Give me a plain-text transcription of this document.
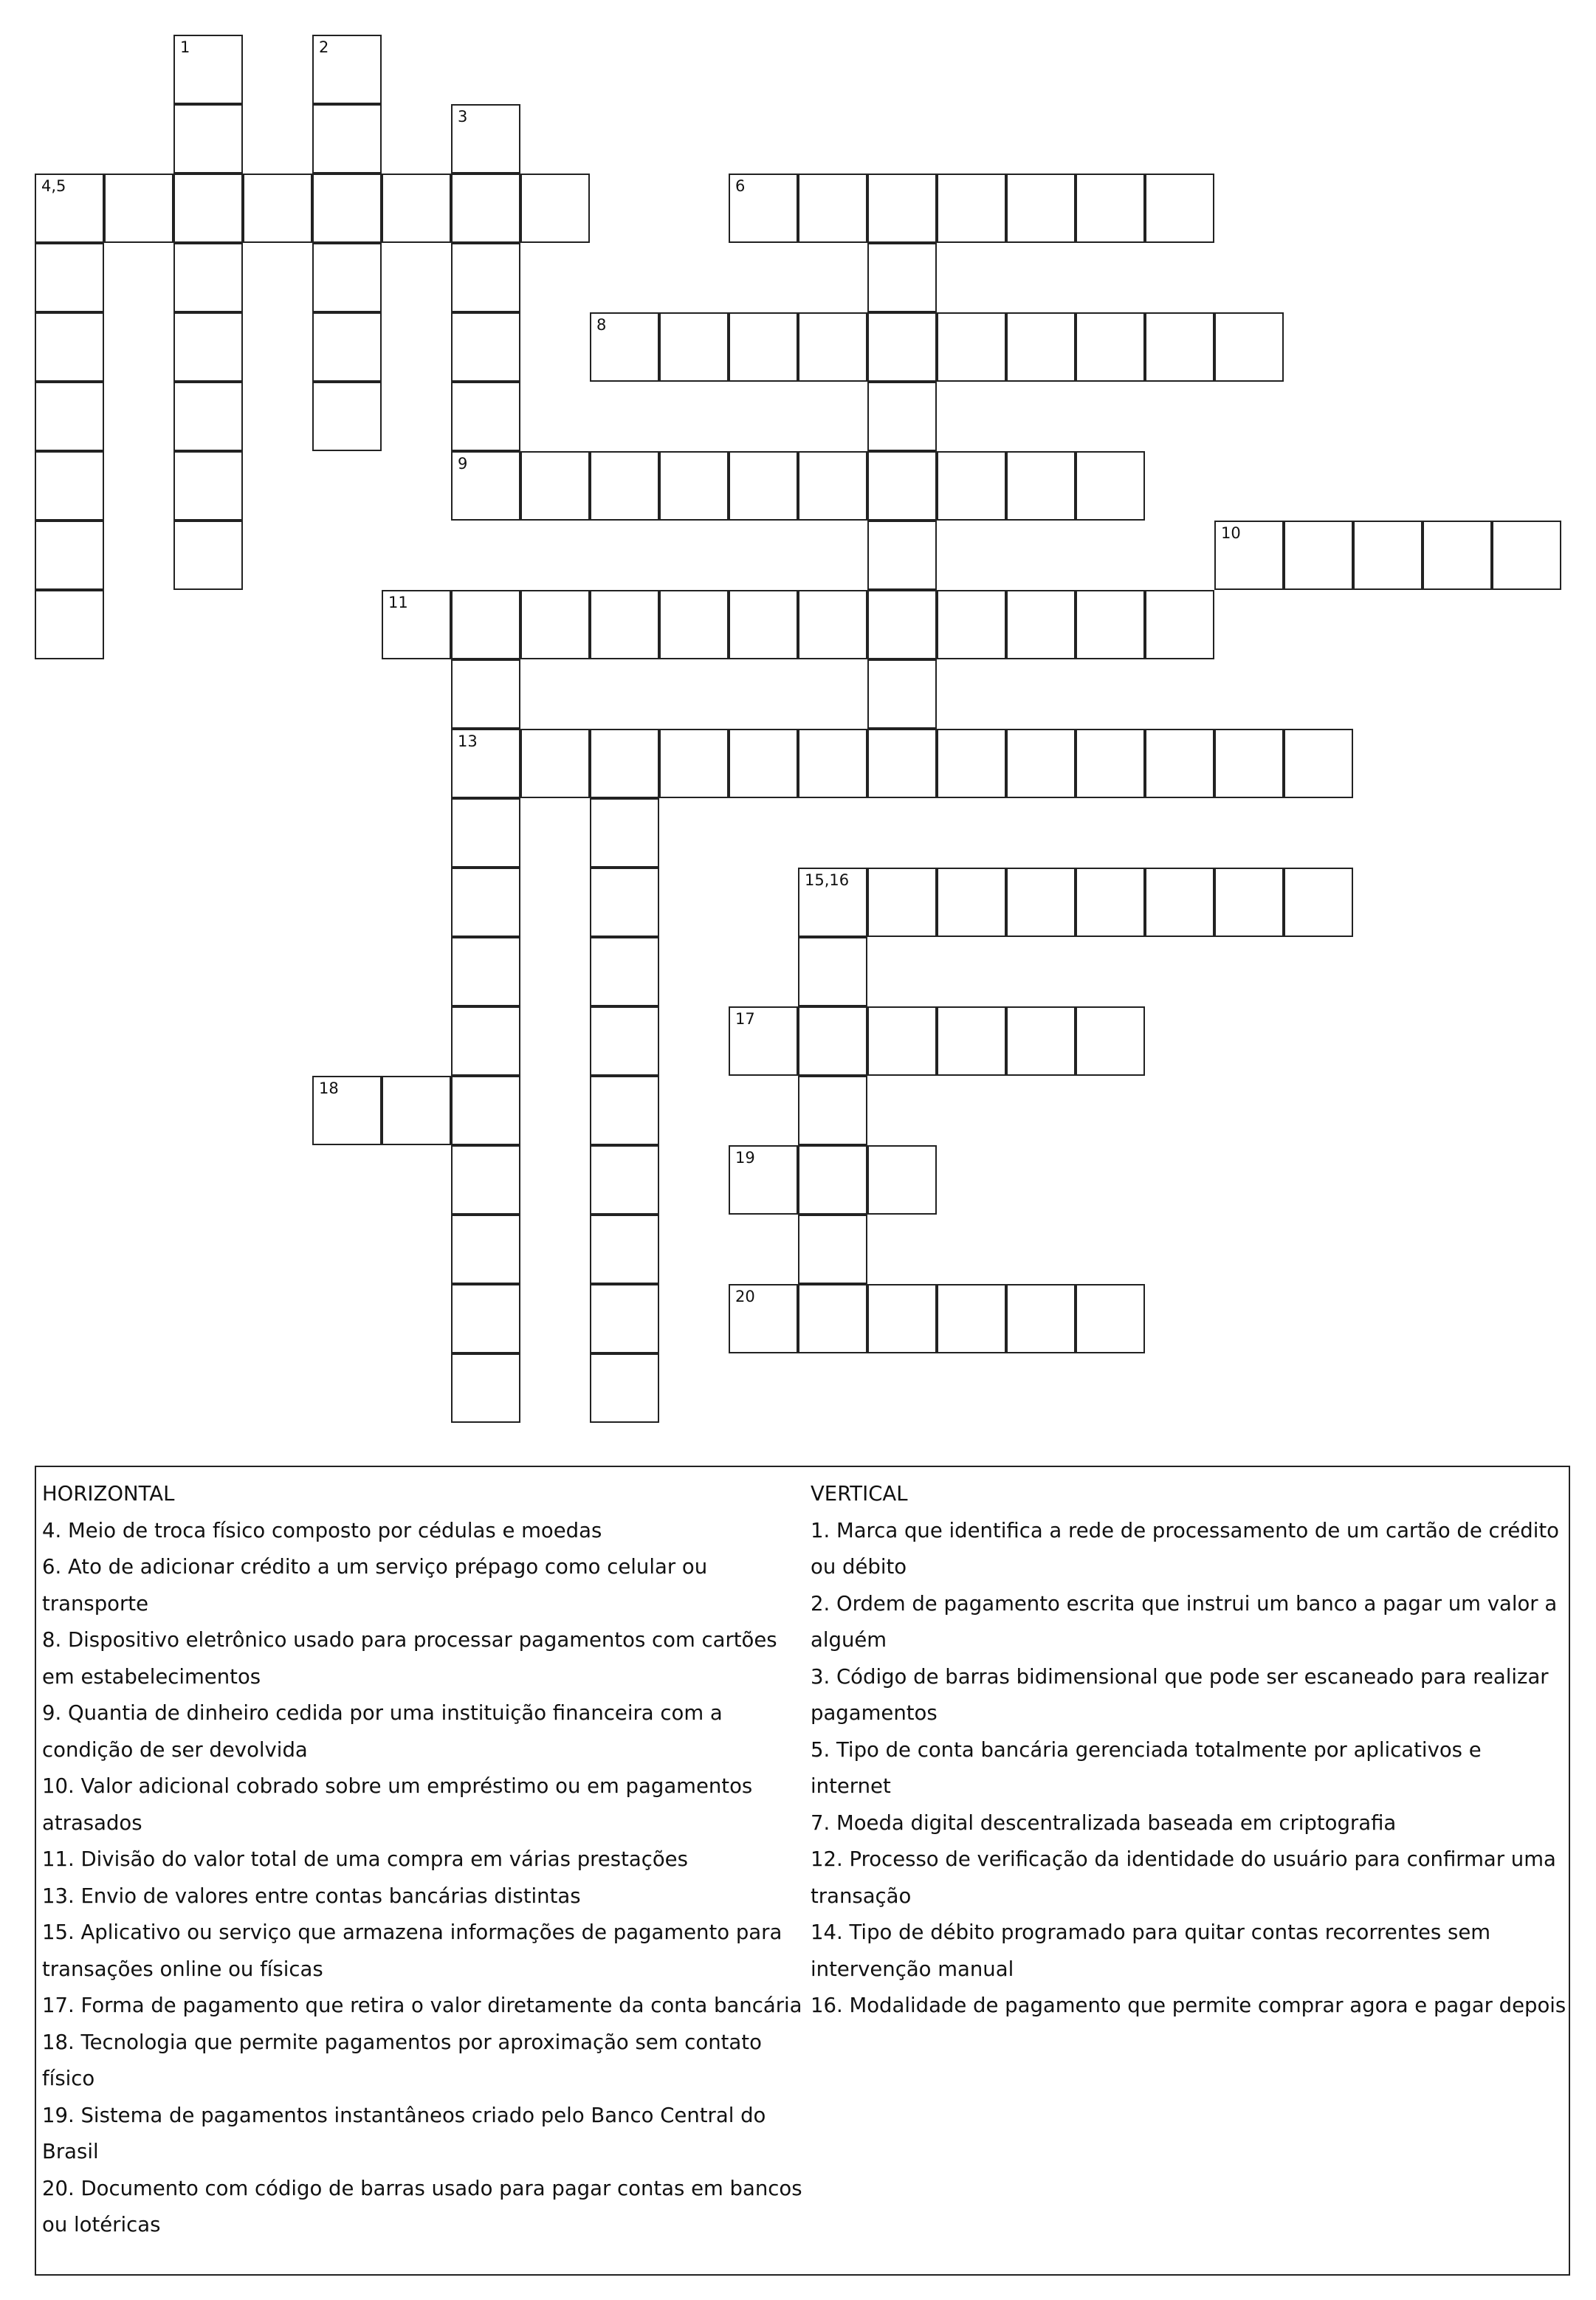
4,5	6
8
9
10
11
13
15,16
17
18
19
20
1	2
3

HORIZONTAL

4. Meio de troca físico composto por cédulas e moedas

6. Ato de adicionar crédito a um serviço prépago como celular ou transporte

8. Dispositivo eletrônico usado para processar pagamentos com cartões em estabelecimentos

9. Quantia de dinheiro cedida por uma instituição financeira com a condição de ser devolvida

10. Valor adicional cobrado sobre um empréstimo ou em pagamentos atrasados

11. Divisão do valor total de uma compra em várias prestações

13. Envio de valores entre contas bancárias distintas

15. Aplicativo ou serviço que armazena informações de pagamento para transações online ou físicas

17. Forma de pagamento que retira o valor diretamente da conta bancária

18. Tecnologia que permite pagamentos por aproximação sem contato físico

19. Sistema de pagamentos instantâneos criado pelo Banco Central do Brasil

20. Documento com código de barras usado para pagar contas em bancos ou lotéricas

VERTICAL

1. Marca que identifica a rede de processamento de um cartão de crédito ou débito

2. Ordem de pagamento escrita que instrui um banco a pagar um valor a alguém

3. Código de barras bidimensional que pode ser escaneado para realizar pagamentos

5. Tipo de conta bancária gerenciada totalmente por aplicativos e internet

7. Moeda digital descentralizada baseada em criptografia

12. Processo de verificação da identidade do usuário para confirmar uma transação

14. Tipo de débito programado para quitar contas recorrentes sem intervenção manual

16. Modalidade de pagamento que permite comprar agora e pagar depois
